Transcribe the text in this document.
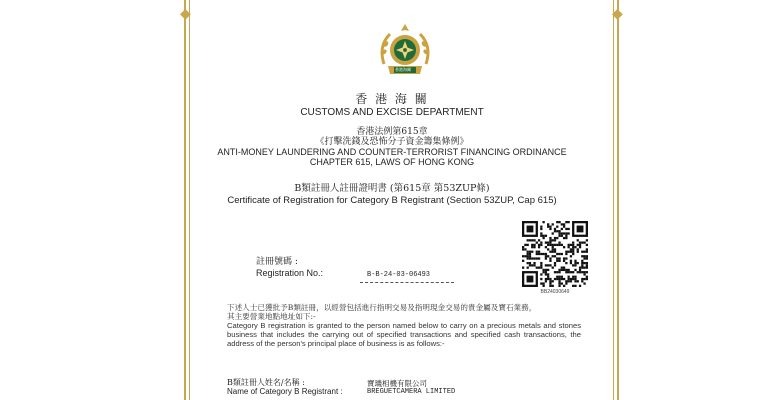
◆	◆
香港海關
香 港 海 關
CUSTOMS AND EXCISE DEPARTMENT
香港法例第615章
《打擊洗錢及恐怖分子資金籌集條例》
ANTI-MONEY LAUNDERING AND COUNTER-TERRORIST FINANCING ORDINANCE
CHAPTER 615, LAWS OF HONG KONG
B類註冊人註冊證明書 (第615章 第53ZUP條)
Certificate of Registration for Category B Registrant (Section 53ZUP, Cap 615)
BB24030649
註冊號碼 :
Registration No.:	B-B-24-03-06493
下述人士已獲批予B類註冊，以經營包括進行指明交易及指明現金交易的貴金屬及寶石業務，
其主要營業地點地址如下:-
Category B registration is granted to the person named below to carry on a precious metals and stones business that includes the carrying out of specified transactions and specified cash transactions, the address of the person's principal place of business is as follows:-
B類註冊人姓名/名稱 :
Name of Category B Registrant :
寶璣相機有限公司
BREGUETCAMERA LIMITED
